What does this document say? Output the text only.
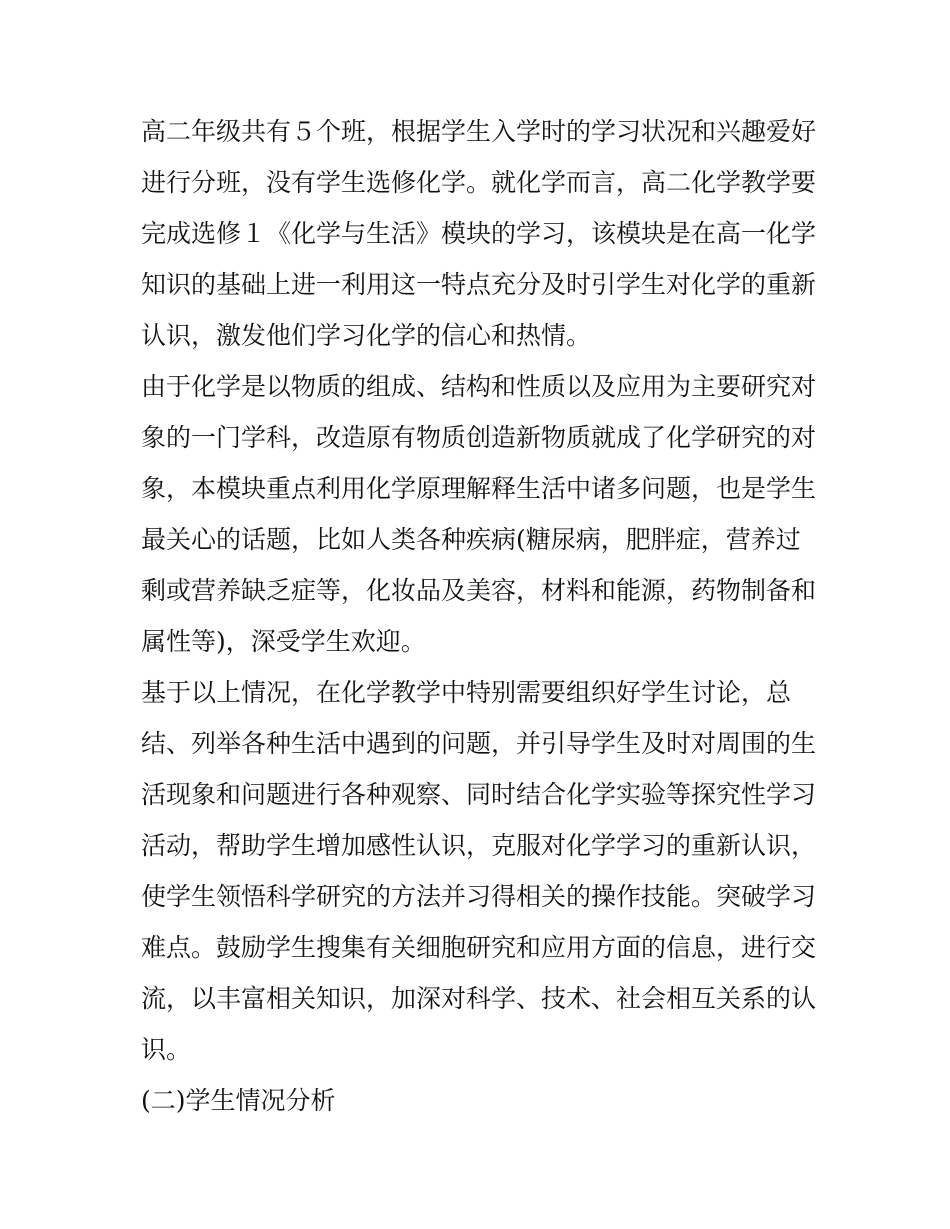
高二年级共有５个班，根据学生入学时的学习状况和兴趣爱好
进行分班，没有学生选修化学。就化学而言，高二化学教学要
完成选修１《化学与生活》模块的学习，该模块是在高一化学
知识的基础上进一利用这一特点充分及时引学生对化学的重新
认识，激发他们学习化学的信心和热情。
由于化学是以物质的组成、结构和性质以及应用为主要研究对
象的一门学科，改造原有物质创造新物质就成了化学研究的对
象，本模块重点利用化学原理解释生活中诸多问题，也是学生
最关心的话题，比如人类各种疾病(糖尿病，肥胖症，营养过
剩或营养缺乏症等，化妆品及美容，材料和能源，药物制备和
属性等)，深受学生欢迎。
基于以上情况，在化学教学中特别需要组织好学生讨论，总
结、列举各种生活中遇到的问题，并引导学生及时对周围的生
活现象和问题进行各种观察、同时结合化学实验等探究性学习
活动，帮助学生增加感性认识，克服对化学学习的重新认识，
使学生领悟科学研究的方法并习得相关的操作技能。突破学习
难点。鼓励学生搜集有关细胞研究和应用方面的信息，进行交
流，以丰富相关知识，加深对科学、技术、社会相互关系的认
识。
(二)学生情况分析
